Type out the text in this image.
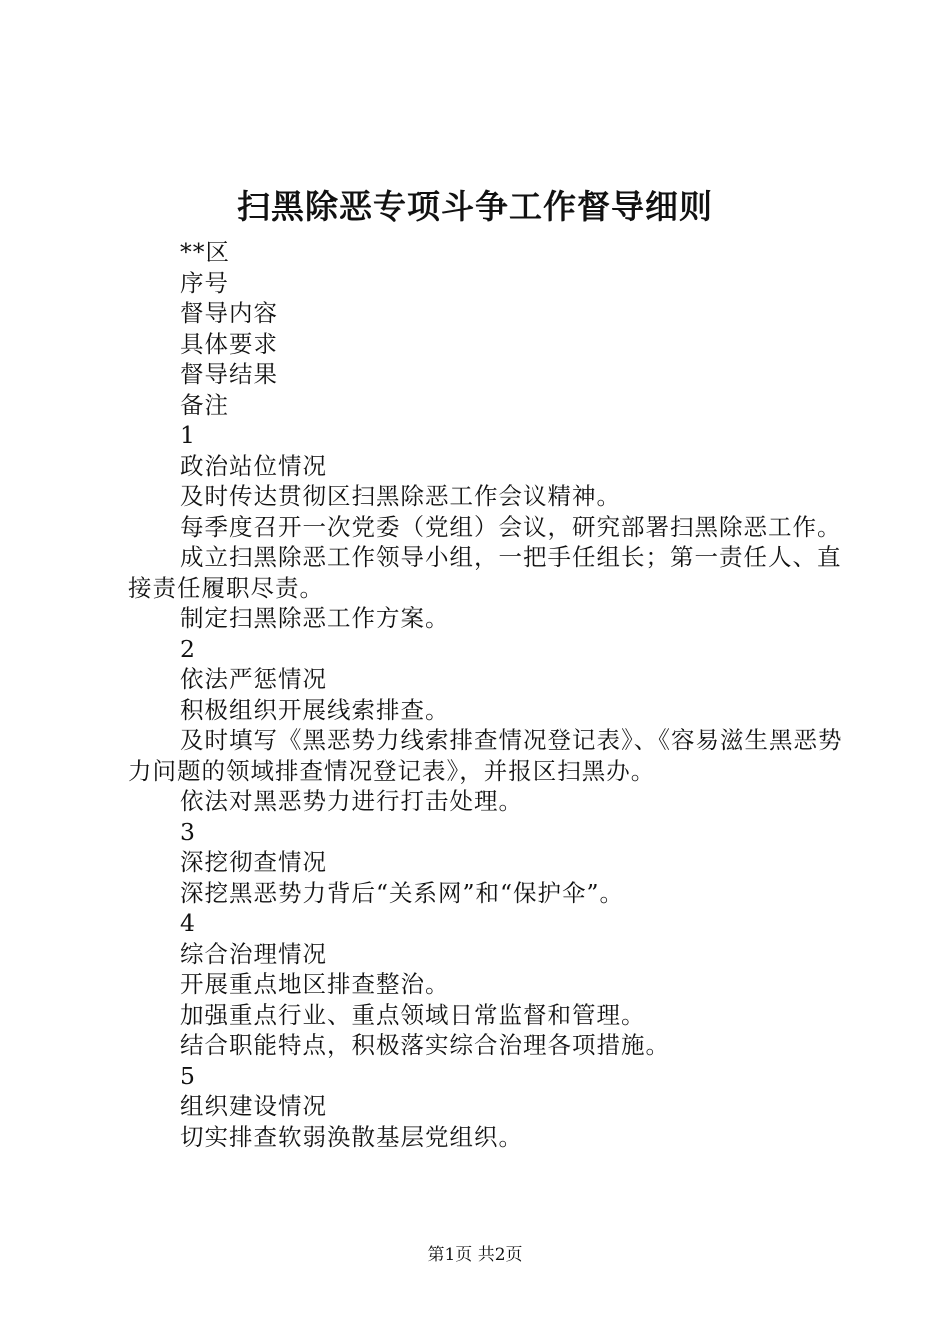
扫黑除恶专项斗争工作督导细则
**区
序号
督导内容
具体要求
督导结果
备注
1
政治站位情况
及时传达贯彻区扫黑除恶工作会议精神。
每季度召开一次党委（党组）会议，研究部署扫黑除恶工作。
成立扫黑除恶工作领导小组，一把手任组长；第一责任人、直接责任履职尽责。
制定扫黑除恶工作方案。
2
依法严惩情况
积极组织开展线索排查。
及时填写《黑恶势力线索排查情况登记表》、《容易滋生黑恶势力问题的领域排查情况登记表》，并报区扫黑办。
依法对黑恶势力进行打击处理。
3
深挖彻查情况
深挖黑恶势力背后“关系网”和“保护伞”。
4
综合治理情况
开展重点地区排查整治。
加强重点行业、重点领域日常监督和管理。
结合职能特点，积极落实综合治理各项措施。
5
组织建设情况
切实排查软弱涣散基层党组织。
第1页 共2页
